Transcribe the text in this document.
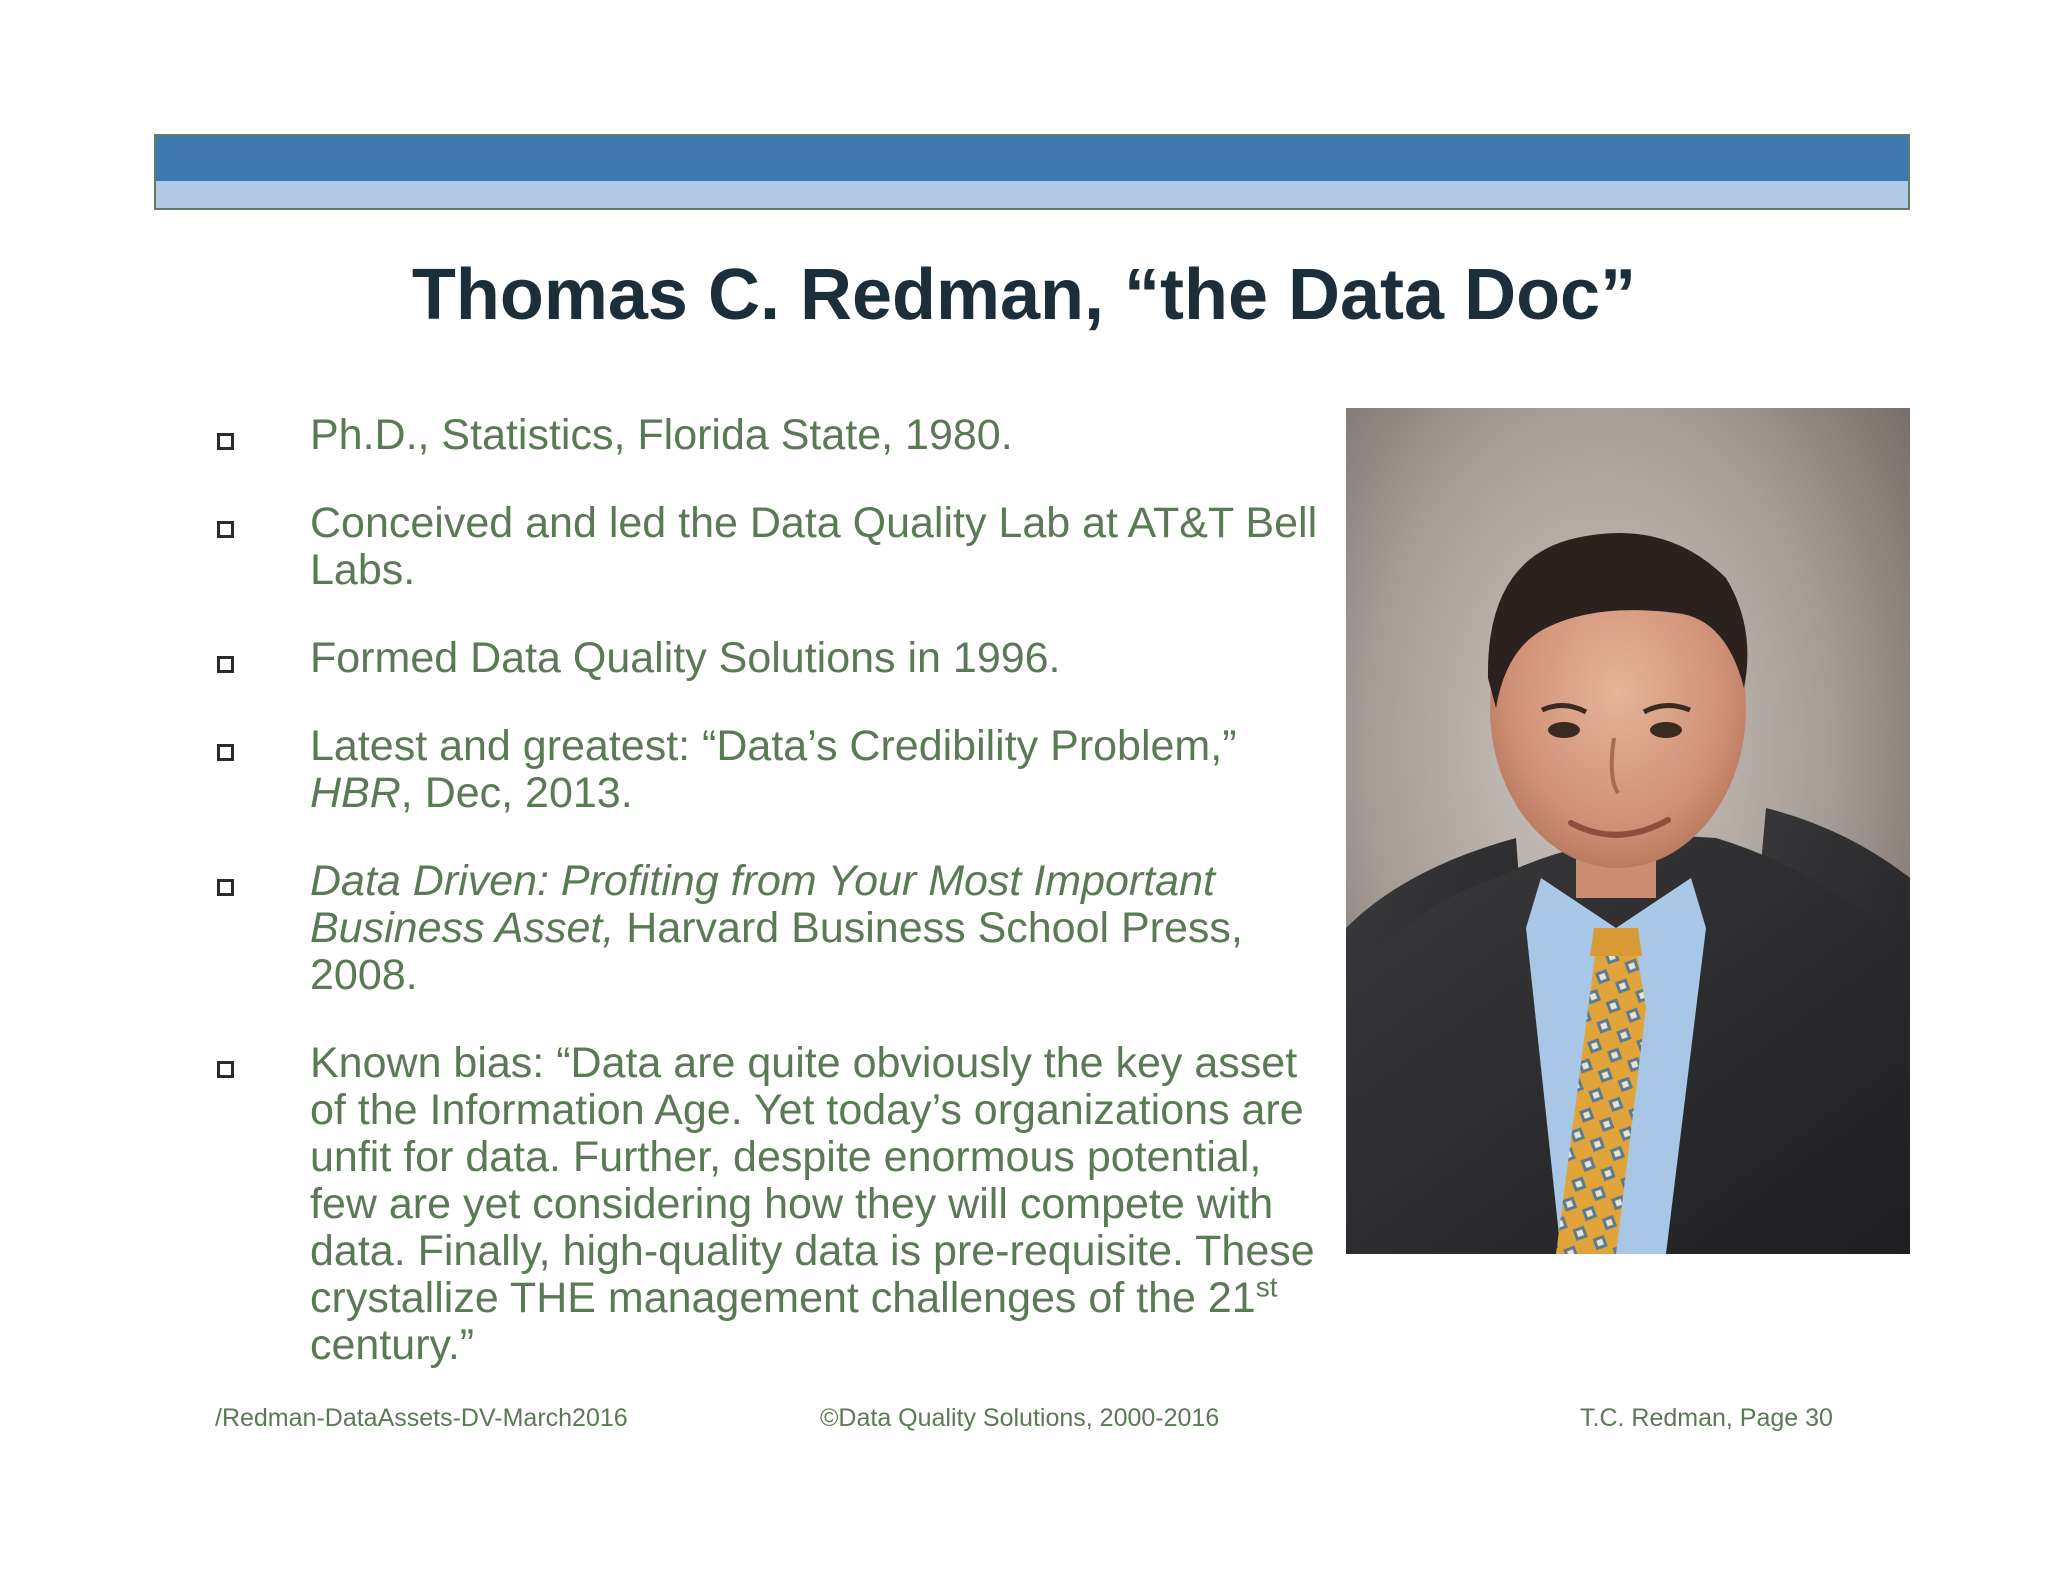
Thomas C. Redman, “the Data Doc”
Ph.D., Statistics, Florida State, 1980.
Conceived and led the Data Quality Lab at AT&T Bell Labs.
Formed Data Quality Solutions in 1996.
Latest and greatest: “Data’s Credibility Problem,” HBR, Dec, 2013.
Data Driven: Profiting from Your Most Important Business Asset, Harvard Business School Press, 2008.
Known bias: “Data are quite obviously the key asset of the Information Age. Yet today’s organizations are unfit for data. Further, despite enormous potential, few are yet considering how they will compete with data. Finally, high-quality data is pre-requisite. These crystallize THE management challenges of the 21st century.”
/Redman-DataAssets-DV-March2016	©Data Quality Solutions, 2000-2016	T.C. Redman, Page 30
